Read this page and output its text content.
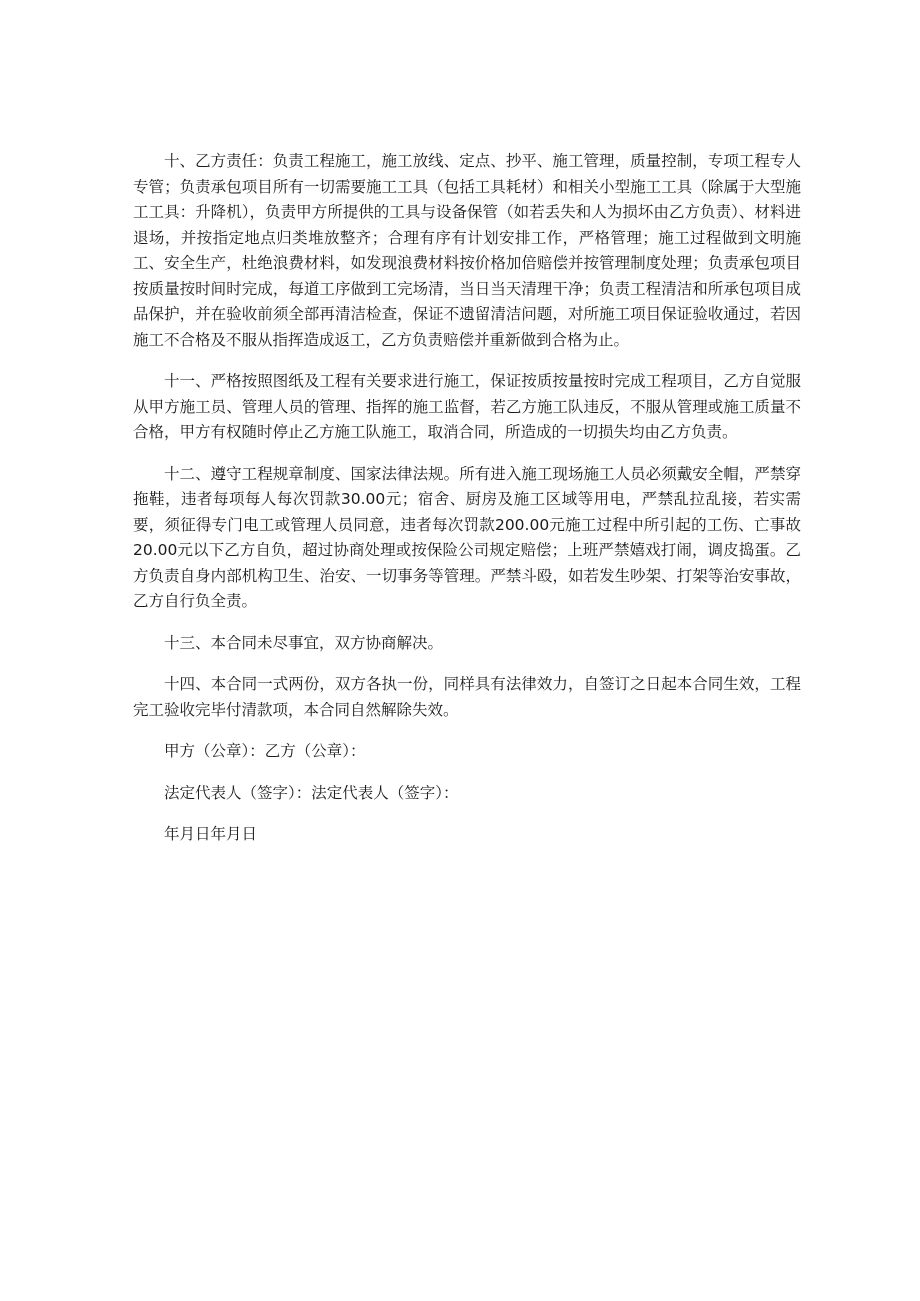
十、乙方责任：负责工程施工，施工放线、定点、抄平、施工管理，质量控制，专项工程专人专管；负责承包项目所有一切需要施工工具（包括工具耗材）和相关小型施工工具（除属于大型施工工具：升降机），负责甲方所提供的工具与设备保管（如若丢失和人为损坏由乙方负责）、材料进退场，并按指定地点归类堆放整齐；合理有序有计划安排工作，严格管理；施工过程做到文明施工、安全生产，杜绝浪费材料，如发现浪费材料按价格加倍赔偿并按管理制度处理；负责承包项目按质量按时间时完成，每道工序做到工完场清，当日当天清理干净；负责工程清洁和所承包项目成品保护，并在验收前须全部再清洁检查，保证不遗留清洁问题，对所施工项目保证验收通过，若因施工不合格及不服从指挥造成返工，乙方负责赔偿并重新做到合格为止。

十一、严格按照图纸及工程有关要求进行施工，保证按质按量按时完成工程项目，乙方自觉服从甲方施工员、管理人员的管理、指挥的施工监督，若乙方施工队违反，不服从管理或施工质量不合格，甲方有权随时停止乙方施工队施工，取消合同，所造成的一切损失均由乙方负责。

十二、遵守工程规章制度、国家法律法规。所有进入施工现场施工人员必须戴安全帽，严禁穿拖鞋，违者每项每人每次罚款30.00元；宿舍、厨房及施工区域等用电，严禁乱拉乱接，若实需要，须征得专门电工或管理人员同意，违者每次罚款200.00元施工过程中所引起的工伤、亡事故20.00元以下乙方自负，超过协商处理或按保险公司规定赔偿；上班严禁嬉戏打闹，调皮捣蛋。乙方负责自身内部机构卫生、治安、一切事务等管理。严禁斗殴，如若发生吵架、打架等治安事故，乙方自行负全责。

十三、本合同未尽事宜，双方协商解决。

十四、本合同一式两份，双方各执一份，同样具有法律效力，自签订之日起本合同生效，工程完工验收完毕付清款项，本合同自然解除失效。

甲方（公章）：乙方（公章）：

法定代表人（签字）：法定代表人（签字）：

年月日年月日
